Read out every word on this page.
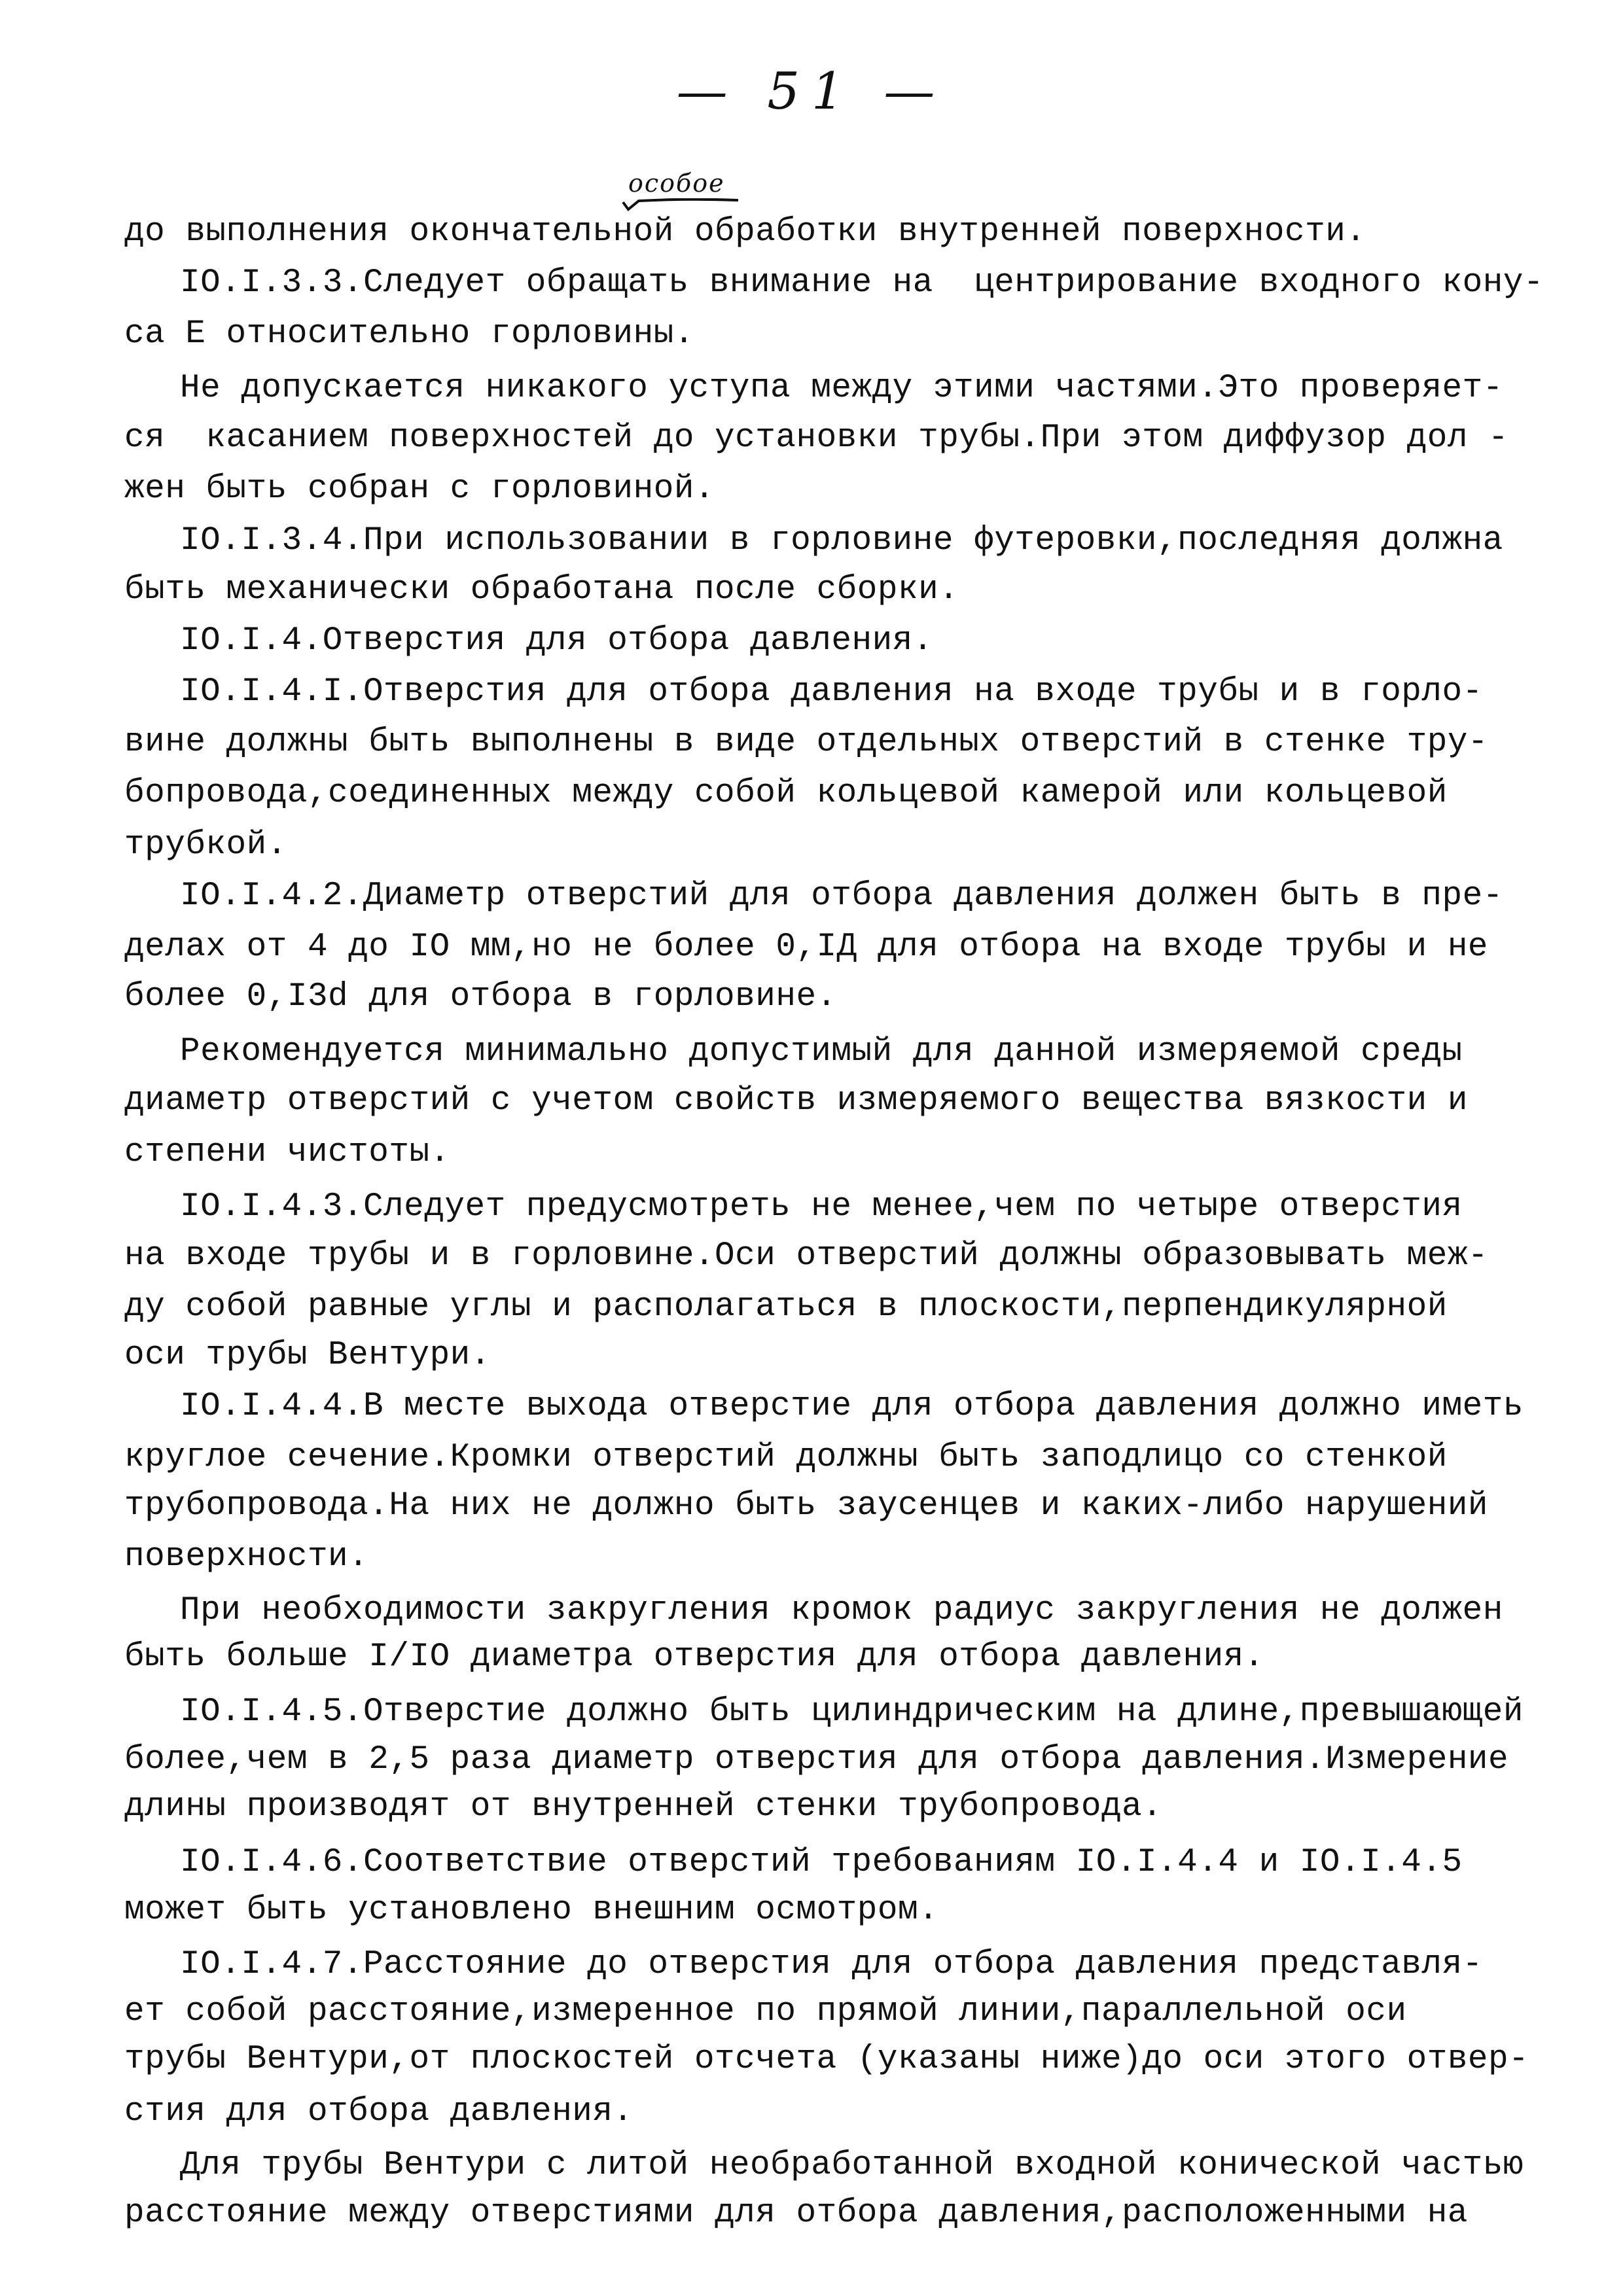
— 51 —
особое
до выполнения окончательной обработки внутренней поверхности.
IO.I.3.3.Следует обращать внимание на  центрирование входного кону-
са Е относительно горловины.
Не допускается никакого уступа между этими частями.Это проверяет-
ся  касанием поверхностей до установки трубы.При этом диффузор дол -
жен быть собран с горловиной.
IO.I.3.4.При использовании в горловине футеровки,последняя должна
быть механически обработана после сборки.
IO.I.4.Отверстия для отбора давления.
IO.I.4.I.Отверстия для отбора давления на входе трубы и в горло-
вине должны быть выполнены в виде отдельных отверстий в стенке тру-
бопровода,соединенных между собой кольцевой камерой или кольцевой
трубкой.
IO.I.4.2.Диаметр отверстий для отбора давления должен быть в пре-
делах от 4 до IO мм,но не более 0,IД для отбора на входе трубы и не
более 0,I3d для отбора в горловине.
Рекомендуется минимально допустимый для данной измеряемой среды
диаметр отверстий с учетом свойств измеряемого вещества вязкости и
степени чистоты.
IO.I.4.3.Следует предусмотреть не менее,чем по четыре отверстия
на входе трубы и в горловине.Оси отверстий должны образовывать меж-
ду собой равные углы и располагаться в плоскости,перпендикулярной
оси трубы Вентури.
IO.I.4.4.В месте выхода отверстие для отбора давления должно иметь
круглое сечение.Кромки отверстий должны быть заподлицо со стенкой
трубопровода.На них не должно быть заусенцев и каких-либо нарушений
поверхности.
При необходимости закругления кромок радиус закругления не должен
быть больше I/IO диаметра отверстия для отбора давления.
IO.I.4.5.Отверстие должно быть цилиндрическим на длине,превышающей
более,чем в 2,5 раза диаметр отверстия для отбора давления.Измерение
длины производят от внутренней стенки трубопровода.
IO.I.4.6.Соответствие отверстий требованиям IO.I.4.4 и IO.I.4.5
может быть установлено внешним осмотром.
IO.I.4.7.Расстояние до отверстия для отбора давления представля-
ет собой расстояние,измеренное по прямой линии,параллельной оси
трубы Вентури,от плоскостей отсчета (указаны ниже)до оси этого отвер-
стия для отбора давления.
Для трубы Вентури с литой необработанной входной конической частью
расстояние между отверстиями для отбора давления,расположенными на
